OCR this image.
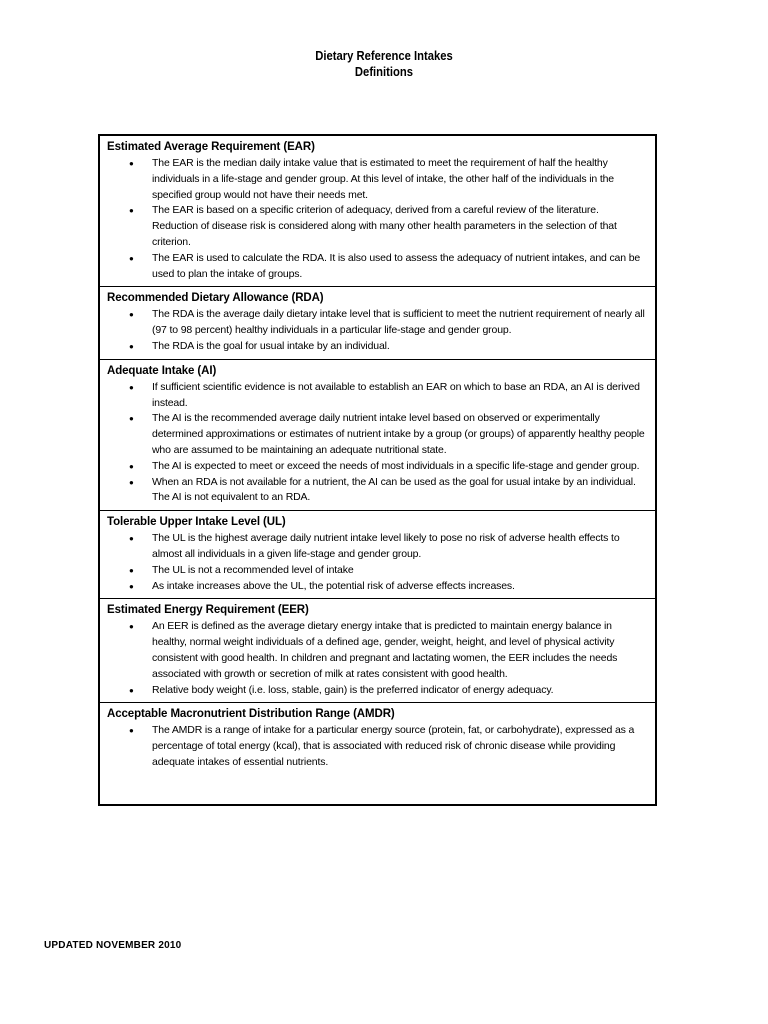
Dietary Reference Intakes
Definitions
Estimated Average Requirement (EAR)
● The EAR is the median daily intake value that is estimated to meet the requirement of half the healthy individuals in a life-stage and gender group. At this level of intake, the other half of the individuals in the specified group would not have their needs met.
● The EAR is based on a specific criterion of adequacy, derived from a careful review of the literature. Reduction of disease risk is considered along with many other health parameters in the selection of that criterion.
● The EAR is used to calculate the RDA. It is also used to assess the adequacy of nutrient intakes, and can be used to plan the intake of groups.
Recommended Dietary Allowance (RDA)
● The RDA is the average daily dietary intake level that is sufficient to meet the nutrient requirement of nearly all (97 to 98 percent) healthy individuals in a particular life-stage and gender group.
● The RDA is the goal for usual intake by an individual.
Adequate Intake (AI)
● If sufficient scientific evidence is not available to establish an EAR on which to base an RDA, an AI is derived instead.
● The AI is the recommended average daily nutrient intake level based on observed or experimentally determined approximations or estimates of nutrient intake by a group (or groups) of apparently healthy people who are assumed to be maintaining an adequate nutritional state.
● The AI is expected to meet or exceed the needs of most individuals in a specific life-stage and gender group.
● When an RDA is not available for a nutrient, the AI can be used as the goal for usual intake by an individual. The AI is not equivalent to an RDA.
Tolerable Upper Intake Level (UL)
● The UL is the highest average daily nutrient intake level likely to pose no risk of adverse health effects to almost all individuals in a given life-stage and gender group.
● The UL is not a recommended level of intake
● As intake increases above the UL, the potential risk of adverse effects increases.
Estimated Energy Requirement (EER)
● An EER is defined as the average dietary energy intake that is predicted to maintain energy balance in healthy, normal weight individuals of a defined age, gender, weight, height, and level of physical activity consistent with good health. In children and pregnant and lactating women, the EER includes the needs associated with growth or secretion of milk at rates consistent with good health.
● Relative body weight (i.e. loss, stable, gain) is the preferred indicator of energy adequacy.
Acceptable Macronutrient Distribution Range (AMDR)
● The AMDR is a range of intake for a particular energy source (protein, fat, or carbohydrate), expressed as a percentage of total energy (kcal), that is associated with reduced risk of chronic disease while providing adequate intakes of essential nutrients.
UPDATED NOVEMBER 2010
